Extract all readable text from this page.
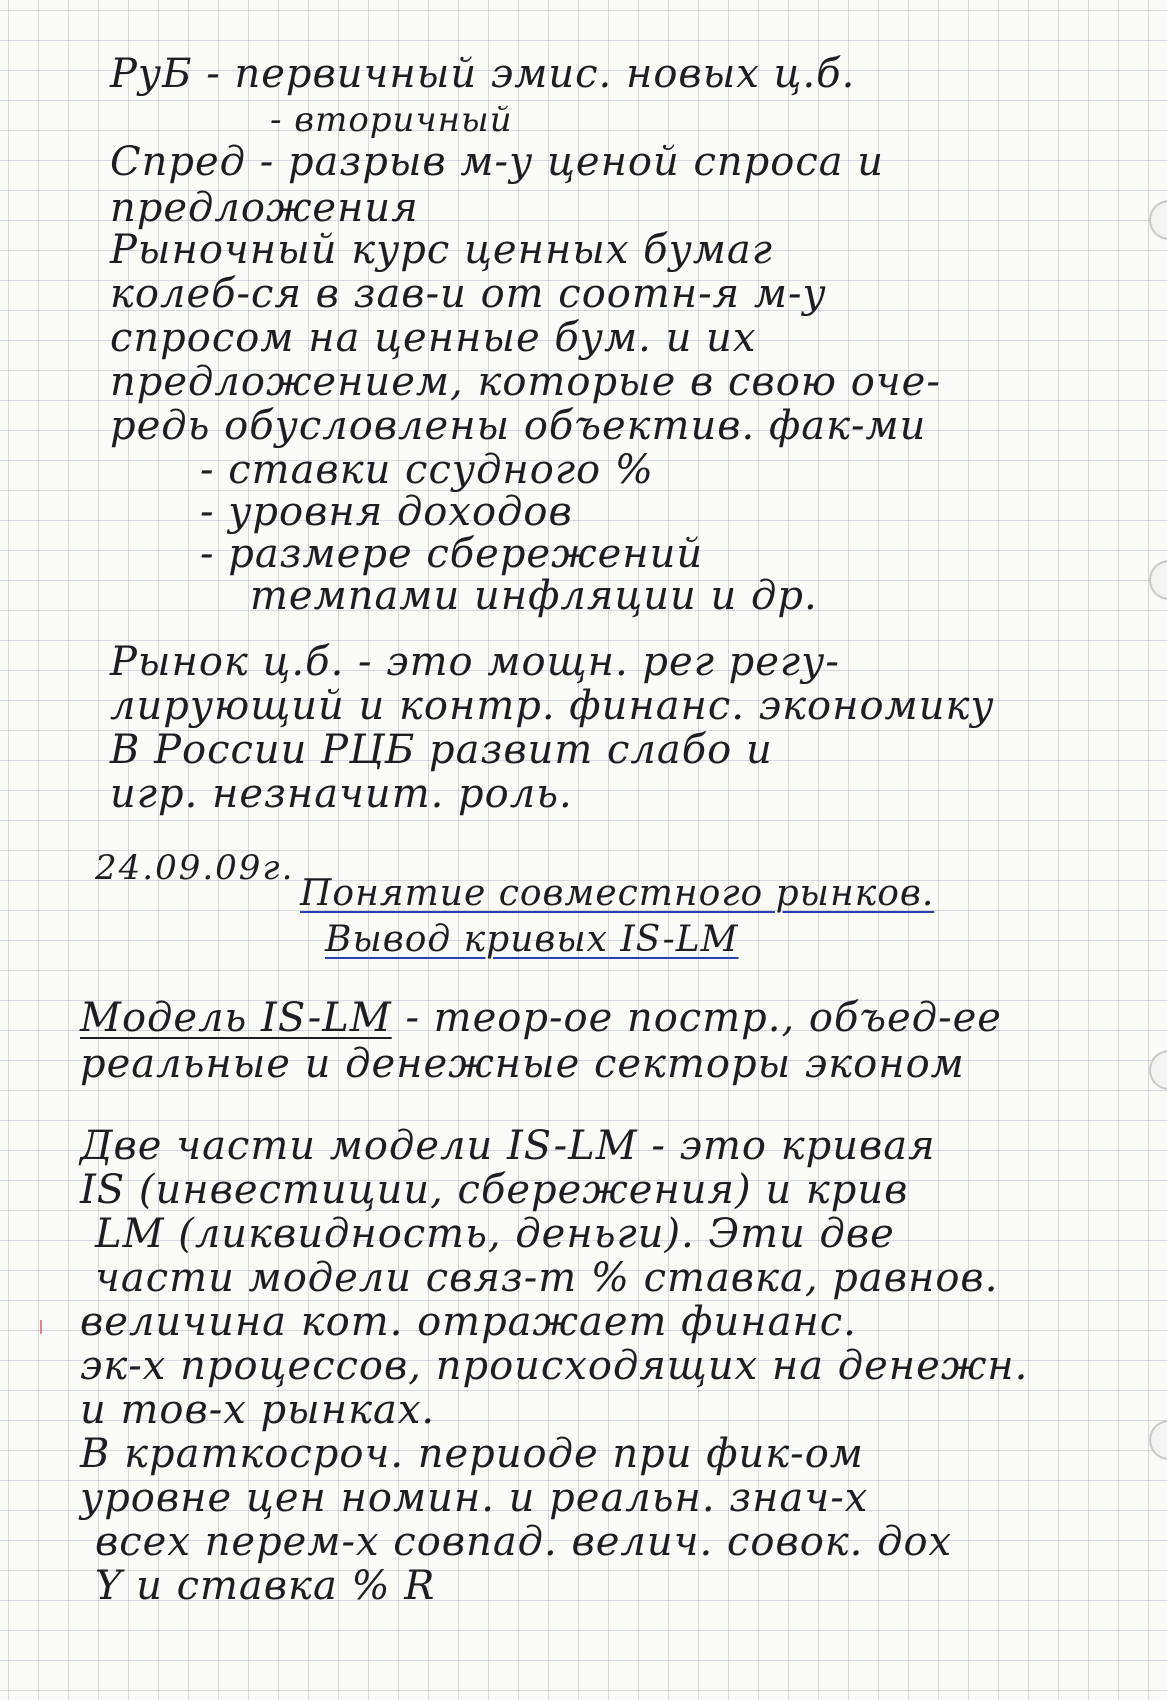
РуБ - первичный эмис. новых ц.б.
- вторичный
Спред - разрыв м-у ценой спроса и
предложения
Рыночный курс ценных бумаг
колеб-ся в зав-и от соотн-я м-у
спросом на ценные бум. и их
предложением, которые в свою оче-
редь обусловлены объектив. фак-ми
- ставки ссудного %
- уровня доходов
- размере сбережений
темпами инфляции и др.
Рынок ц.б. - это мощн. рег регу-
лирующий и контр. финанс. экономику
В России РЦБ развит слабо и
игр. незначит. роль.
24.09.09г.
Понятие совместного рынков.
Вывод кривых IS-LM
Модель IS-LM - теор-ое постр., объед-ее
реальные и денежные секторы эконом
Две части модели IS-LM - это кривая
IS (инвестиции, сбережения) и крив
LM (ликвидность, деньги). Эти две
части модели связ-т % ставка, равнов.
величина кот. отражает финанс.
эк-х процессов, происходящих на денежн.
и тов-х рынках.
В краткосроч. периоде при фик-ом
уровне цен номин. и реальн. знач-х
всех перем-х совпад. велич. совок. дох
Y и ставка % R
